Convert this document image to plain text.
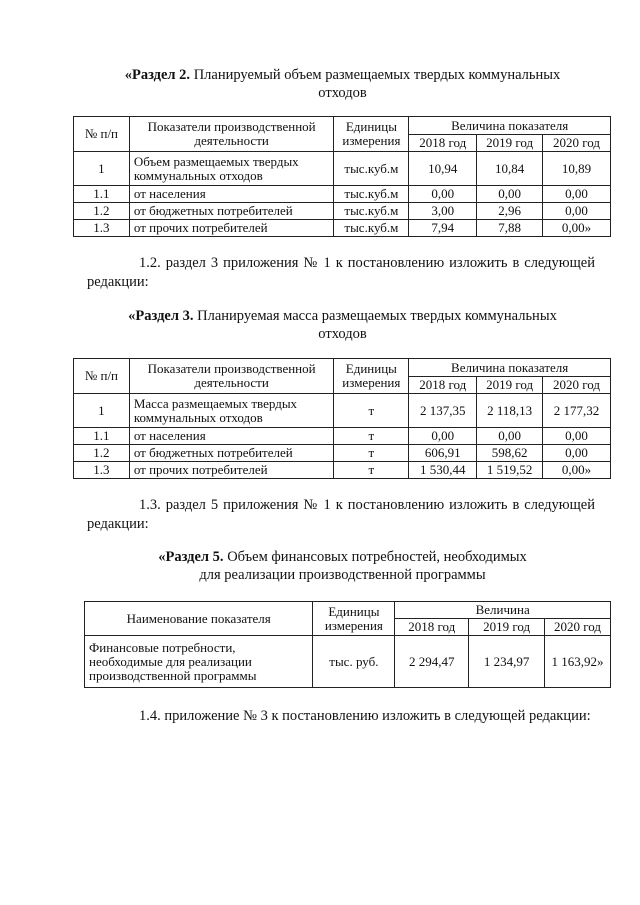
«Раздел 2. Планируемый объем размещаемых твердых коммунальных
отходов
№ п/п	Показатели производственной деятельности	Единицы измерения	Величина показателя		
			2018 год	2019 год	2020 год
1	Объем размещаемых твердых коммунальных отходов	тыс.куб.м	10,94	10,84	10,89
1.1	от населения	тыс.куб.м	0,00	0,00	0,00
1.2	от бюджетных потребителей	тыс.куб.м	3,00	2,96	0,00
1.3	от прочих потребителей	тыс.куб.м	7,94	7,88	0,00»
1.2. раздел 3 приложения № 1 к постановлению изложить в следующей редакции:
«Раздел 3. Планируемая масса размещаемых твердых коммунальных
отходов
№ п/п	Показатели производственной деятельности	Единицы измерения	Величина показателя		
			2018 год	2019 год	2020 год
1	Масса размещаемых твердых коммунальных отходов	т	2 137,35	2 118,13	2 177,32
1.1	от населения	т	0,00	0,00	0,00
1.2	от бюджетных потребителей	т	606,91	598,62	0,00
1.3	от прочих потребителей	т	1 530,44	1 519,52	0,00»
1.3. раздел 5 приложения № 1 к постановлению изложить в следующей редакции:
«Раздел 5. Объем финансовых потребностей, необходимых
для реализации производственной программы
Наименование показателя	Единицы измерения	Величина		
		2018 год	2019 год	2020 год
Финансовые потребности, необходимые для реализации производственной программы	тыс. руб.	2 294,47	1 234,97	1 163,92»
1.4. приложение № 3 к постановлению изложить в следующей редакции:
